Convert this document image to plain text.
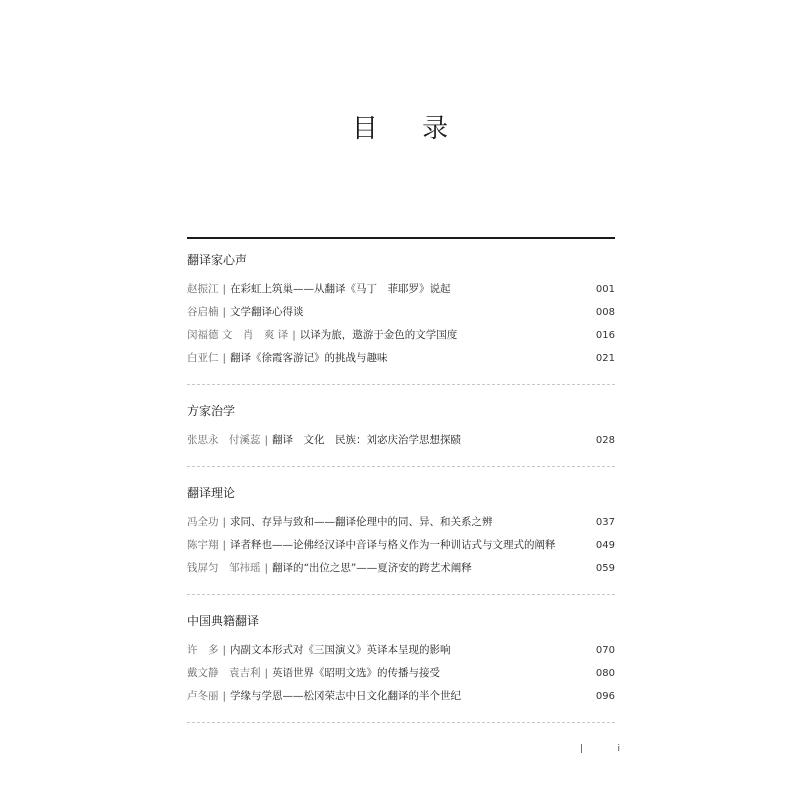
目 录
翻译家心声
赵振江 | 在彩虹上筑巢——从翻译《马丁　菲耶罗》说起	001
谷启楠 | 文学翻译心得谈	008
闵福德 文　肖　爽 译 | 以译为旅，遨游于金色的文学国度	016
白亚仁 | 翻译《徐霞客游记》的挑战与趣味	021
方家治学
张思永　付溪蕊 | 翻译　文化　民族：刘宓庆治学思想探赜	028
翻译理论
冯全功 | 求同、存异与致和——翻译伦理中的同、异、和关系之辨	037
陈宇翔 | 译者释也——论佛经汉译中音译与格义作为一种训诂式与文理式的阐释	049
钱屏匀　邹祎瑶 | 翻译的“出位之思”——夏济安的跨艺术阐释	059
中国典籍翻译
许　多 | 内副文本形式对《三国演义》英译本呈现的影响	070
戴文静　袁吉利 | 英语世界《昭明文选》的传播与接受	080
卢冬丽 | 学缘与学恩——松冈荣志中日文化翻译的半个世纪	096
|	i
